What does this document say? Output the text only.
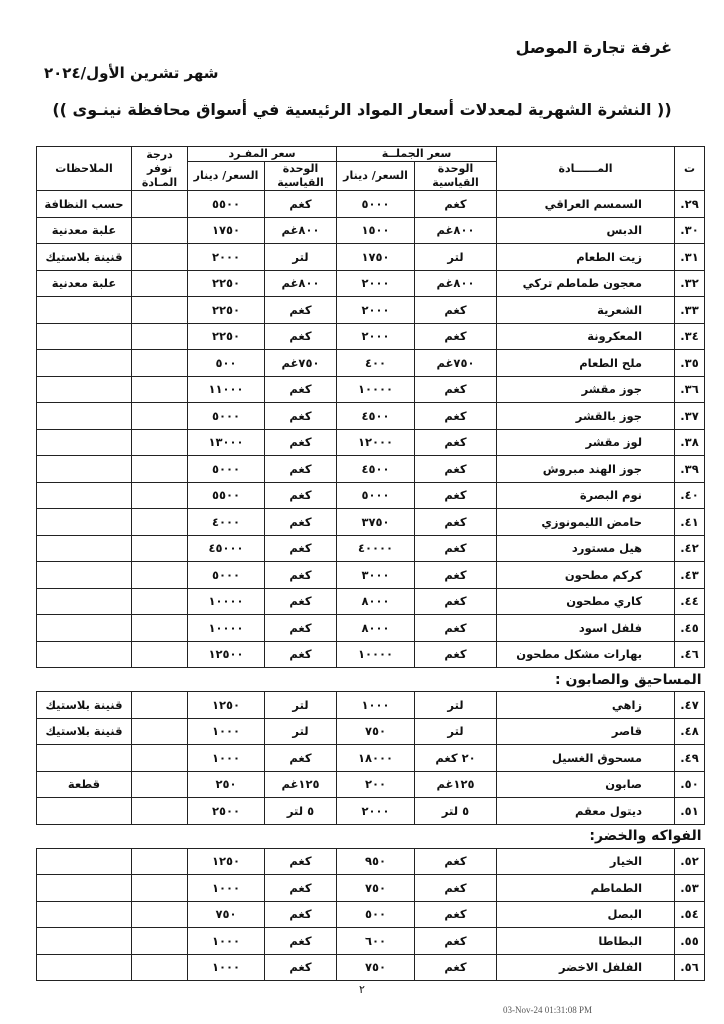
غرفة تجارة الموصل
شهر تشرين الأول/٢٠٢٤
(( النشرة الشهرية لمعدلات أسعار المواد الرئيسية في أسواق محافظة نينـوى ))
ت	المــــــادة	سعر الجملــة		سعر المفـرد		درجة توفر المـادة	الملاحظات
		الوحدة القياسية	السعر/ دينار	الوحدة القياسية	السعر/ دينار		
٢٩.	السمسم العراقي	كغم	٥٠٠٠	كغم	٥٥٠٠		حسب النظافة
٣٠.	الدبس	٨٠٠غم	١٥٠٠	٨٠٠غم	١٧٥٠		علبة معدنية
٣١.	زيت الطعام	لتر	١٧٥٠	لتر	٢٠٠٠		قنينة بلاستيك
٣٢.	معجون طماطم تركي	٨٠٠غم	٢٠٠٠	٨٠٠غم	٢٢٥٠		علبة معدنية
٣٣.	الشعرية	كغم	٢٠٠٠	كغم	٢٢٥٠		
٣٤.	المعكرونة	كغم	٢٠٠٠	كغم	٢٢٥٠		
٣٥.	ملح الطعام	٧٥٠غم	٤٠٠	٧٥٠غم	٥٠٠		
٣٦.	جوز مقشر	كغم	١٠٠٠٠	كغم	١١٠٠٠		
٣٧.	جوز بالقشر	كغم	٤٥٠٠	كغم	٥٠٠٠		
٣٨.	لوز مقشر	كغم	١٢٠٠٠	كغم	١٣٠٠٠		
٣٩.	جوز الهند مبروش	كغم	٤٥٠٠	كغم	٥٠٠٠		
٤٠.	نوم البصرة	كغم	٥٠٠٠	كغم	٥٥٠٠		
٤١.	حامض الليمونوزي	كغم	٣٧٥٠	كغم	٤٠٠٠		
٤٢.	هيل مستورد	كغم	٤٠٠٠٠	كغم	٤٥٠٠٠		
٤٣.	كركم مطحون	كغم	٣٠٠٠	كغم	٥٠٠٠		
٤٤.	كاري مطحون	كغم	٨٠٠٠	كغم	١٠٠٠٠		
٤٥.	فلفل اسود	كغم	٨٠٠٠	كغم	١٠٠٠٠		
٤٦.	بهارات مشكل مطحون	كغم	١٠٠٠٠	كغم	١٢٥٠٠		
المساحيق والصابون :							
٤٧.	زاهي	لتر	١٠٠٠	لتر	١٢٥٠		قنينة بلاستيك
٤٨.	قاصر	لتر	٧٥٠	لتر	١٠٠٠		قنينة بلاستيك
٤٩.	مسحوق الغسيل	٢٠ كغم	١٨٠٠٠	كغم	١٠٠٠		
٥٠.	صابون	١٢٥غم	٢٠٠	١٢٥غم	٢٥٠		قطعة
٥١.	ديتول معقم	٥ لتر	٢٠٠٠	٥ لتر	٢٥٠٠		
الفواكه والخضر:							
٥٢.	الخيار	كغم	٩٥٠	كغم	١٢٥٠		
٥٣.	الطماطم	كغم	٧٥٠	كغم	١٠٠٠		
٥٤.	البصل	كغم	٥٠٠	كغم	٧٥٠		
٥٥.	البطاطا	كغم	٦٠٠	كغم	١٠٠٠		
٥٦.	الفلفل الاخضر	كغم	٧٥٠	كغم	١٠٠٠		
٢
03-Nov-24 01:31:08 PM
